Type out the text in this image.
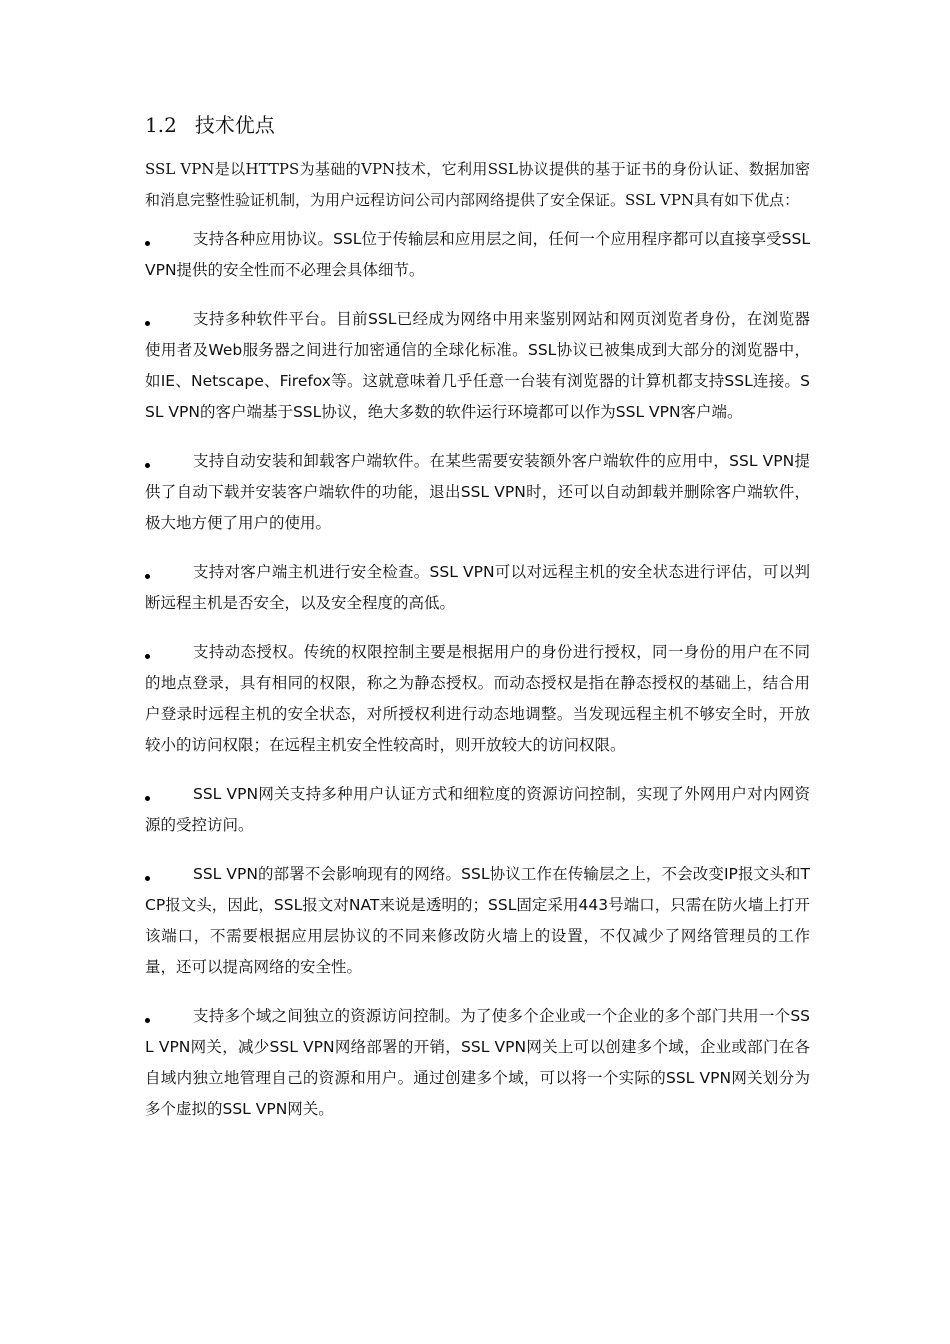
1.2 技术优点

SSL VPN是以HTTPS为基础的VPN技术，它利用SSL协议提供的基于证书的身份认证、数据加密和消息完整性验证机制，为用户远程访问公司内部网络提供了安全保证。SSL VPN具有如下优点：

支持各种应用协议。SSL位于传输层和应用层之间，任何一个应用程序都可以直接享受SSL VPN提供的安全性而不必理会具体细节。
支持多种软件平台。目前SSL已经成为网络中用来鉴别网站和网页浏览者身份，在浏览器使用者及Web服务器之间进行加密通信的全球化标准。SSL协议已被集成到大部分的浏览器中，如IE、Netscape、Firefox等。这就意味着几乎任意一台装有浏览器的计算机都支持SSL连接。SSL VPN的客户端基于SSL协议，绝大多数的软件运行环境都可以作为SSL VPN客户端。
支持自动安装和卸载客户端软件。在某些需要安装额外客户端软件的应用中，SSL VPN提供了自动下载并安装客户端软件的功能，退出SSL VPN时，还可以自动卸载并删除客户端软件，极大地方便了用户的使用。
支持对客户端主机进行安全检查。SSL VPN可以对远程主机的安全状态进行评估，可以判断远程主机是否安全，以及安全程度的高低。
支持动态授权。传统的权限控制主要是根据用户的身份进行授权，同一身份的用户在不同的地点登录，具有相同的权限，称之为静态授权。而动态授权是指在静态授权的基础上，结合用户登录时远程主机的安全状态，对所授权利进行动态地调整。当发现远程主机不够安全时，开放较小的访问权限；在远程主机安全性较高时，则开放较大的访问权限。
SSL VPN网关支持多种用户认证方式和细粒度的资源访问控制，实现了外网用户对内网资源的受控访问。
SSL VPN的部署不会影响现有的网络。SSL协议工作在传输层之上，不会改变IP报文头和TCP报文头，因此，SSL报文对NAT来说是透明的；SSL固定采用443号端口，只需在防火墙上打开该端口，不需要根据应用层协议的不同来修改防火墙上的设置，不仅减少了网络管理员的工作量，还可以提高网络的安全性。
支持多个域之间独立的资源访问控制。为了使多个企业或一个企业的多个部门共用一个SSL VPN网关，减少SSL VPN网络部署的开销，SSL VPN网关上可以创建多个域，企业或部门在各自域内独立地管理自己的资源和用户。通过创建多个域，可以将一个实际的SSL VPN网关划分为多个虚拟的SSL VPN网关。
